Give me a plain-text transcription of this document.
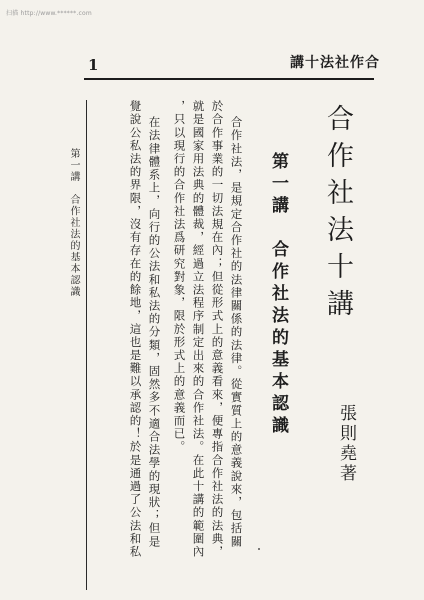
扫描 http://www.******.com
1	講十法社作合
合作社法十講
張則堯著
第一講　合作社法的基本認識
合作社法，是規定合作社的法律關係的法律。從實質上的意義說來，包括關
於合作事業的一切法規在內；但從形式上的意義看來，便專指合作社法的法典，
就是國家用法典的體裁，經過立法程序制定出來的合作社法。在此十講的範圍內
，只以現行的合作社法爲研究對象，限於形式上的意義而已。
在法律體系上，向行的公法和私法的分類，固然多不適合法學的現狀；但是
覺說公私法的界限，沒有存在的餘地，這也是難以承認的！於是通過了公法和私
第一講　合作社法的基本認識
